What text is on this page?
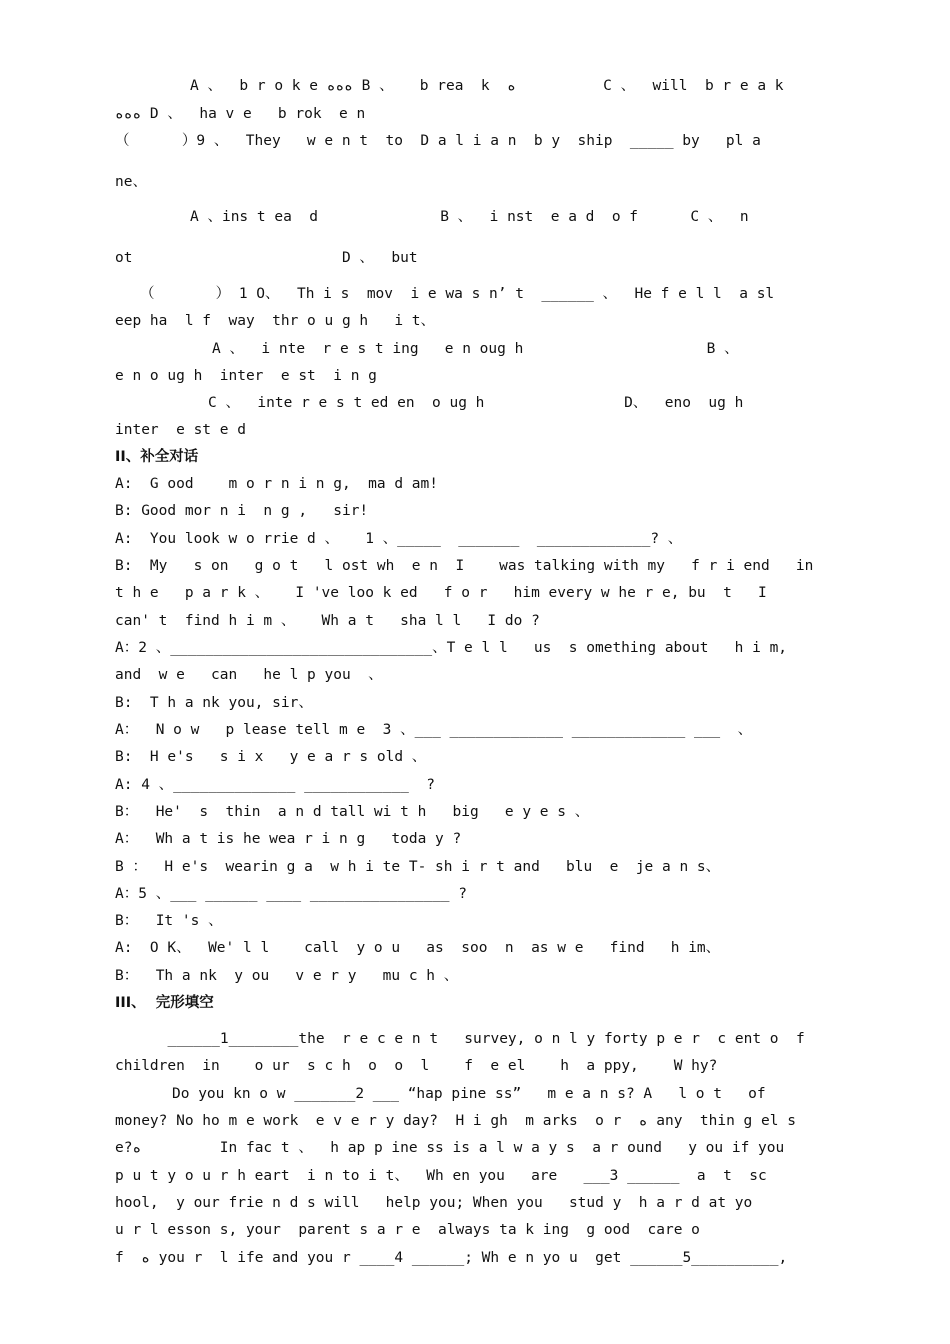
A 、  b r o k e ﻩﻩﻩ B 、   b rea  k  ﻩ          C 、  will  b r e a k
ﻩﻩﻩ D 、  ha v e   b rok  e n
（      ）9 、  They   w e n t  to  D a l i a n  b y  ship  _____ by   pl a
ne、
A 、ins t ea  d              B 、  i nst  e a d  o f      C 、  n
ot                        D 、  but
（       ） 1 O、  Th i s  mov  i e wa s n’ t  ______ 、  He f e l l  a sl
eep ha  l f  way  thr o u g h   i t、
A 、  i nte  r e s t ing   e n oug h                     B 、
e n o ug h  inter  e st  i n g
C 、  inte r e s t ed en  o ug h                D、  eno  ug h
inter  e st e d
II、补全对话
A:  G ood    m o r n i n g,  ma d am!
B: Good mor n i  n g ,   sir!
A:  You look w o rrie d 、   1 、_____  _______  _____________? 、
B:  My   s on   g o t   l ost wh  e n  I    was talking with my   f r i end   in
t h e   p a r k 、   I 've loo k ed   f o r   him every w he r e, bu  t   I
can' t  find h i m 、   Wh a t   sha l l   I do ?
A：2 、______________________________、T e l l   us  s omething about   h i m,
and  w e   can   he l p you  、
B:  T h a nk you, sir、
A：  N o w   p lease tell m e  3 、___ _____________ _____________ ___  、
B:  H e's   s i x   y e a r s old 、
A: 4 、______________ ____________  ?
B：  He'  s  thin  a n d tall wi t h   big   e y e s 、
A：  Wh a t is he wea r i n g   toda y ?
B ：  H e's  wearin g a  w h i te T- sh i r t and   blu  e  je a n s、
A：5 、___ ______ ____ ________________ ?
B：  It 's 、
A:  O K、  We' l l    call  y o u   as  soo  n  as w e   find   h im、
B：  Th a nk  y ou   v e r y   mu c h 、
III、  完形填空
______1________the  r e c e n t   survey, o n l y forty p e r  c ent o  f
children  in    o ur  s c h  o  o  l    f  e el    h  a ppy,    W hy?
Do you kn o w _______2 ___ “hap pine ss”   m e a n s? A   l o t   of
money? No ho m e work  e v e r y day?  H i gh  m arks  o r  ﻩ any  thin g el s
e?ﻩ         In fac t 、  h ap p ine ss is a l w a y s  a r ound   y ou if you
p u t y o u r h eart  i n to i t、  Wh en you   are   ___3 ______  a  t  sc
hool,  y our frie n d s will   help you; When you   stud y  h a r d at yo
u r l esson s, your  parent s a r e  always ta k ing  g ood  care o
f  ﻩ you r  l ife and you r ____4 ______; Wh e n yo u  get ______5__________,
